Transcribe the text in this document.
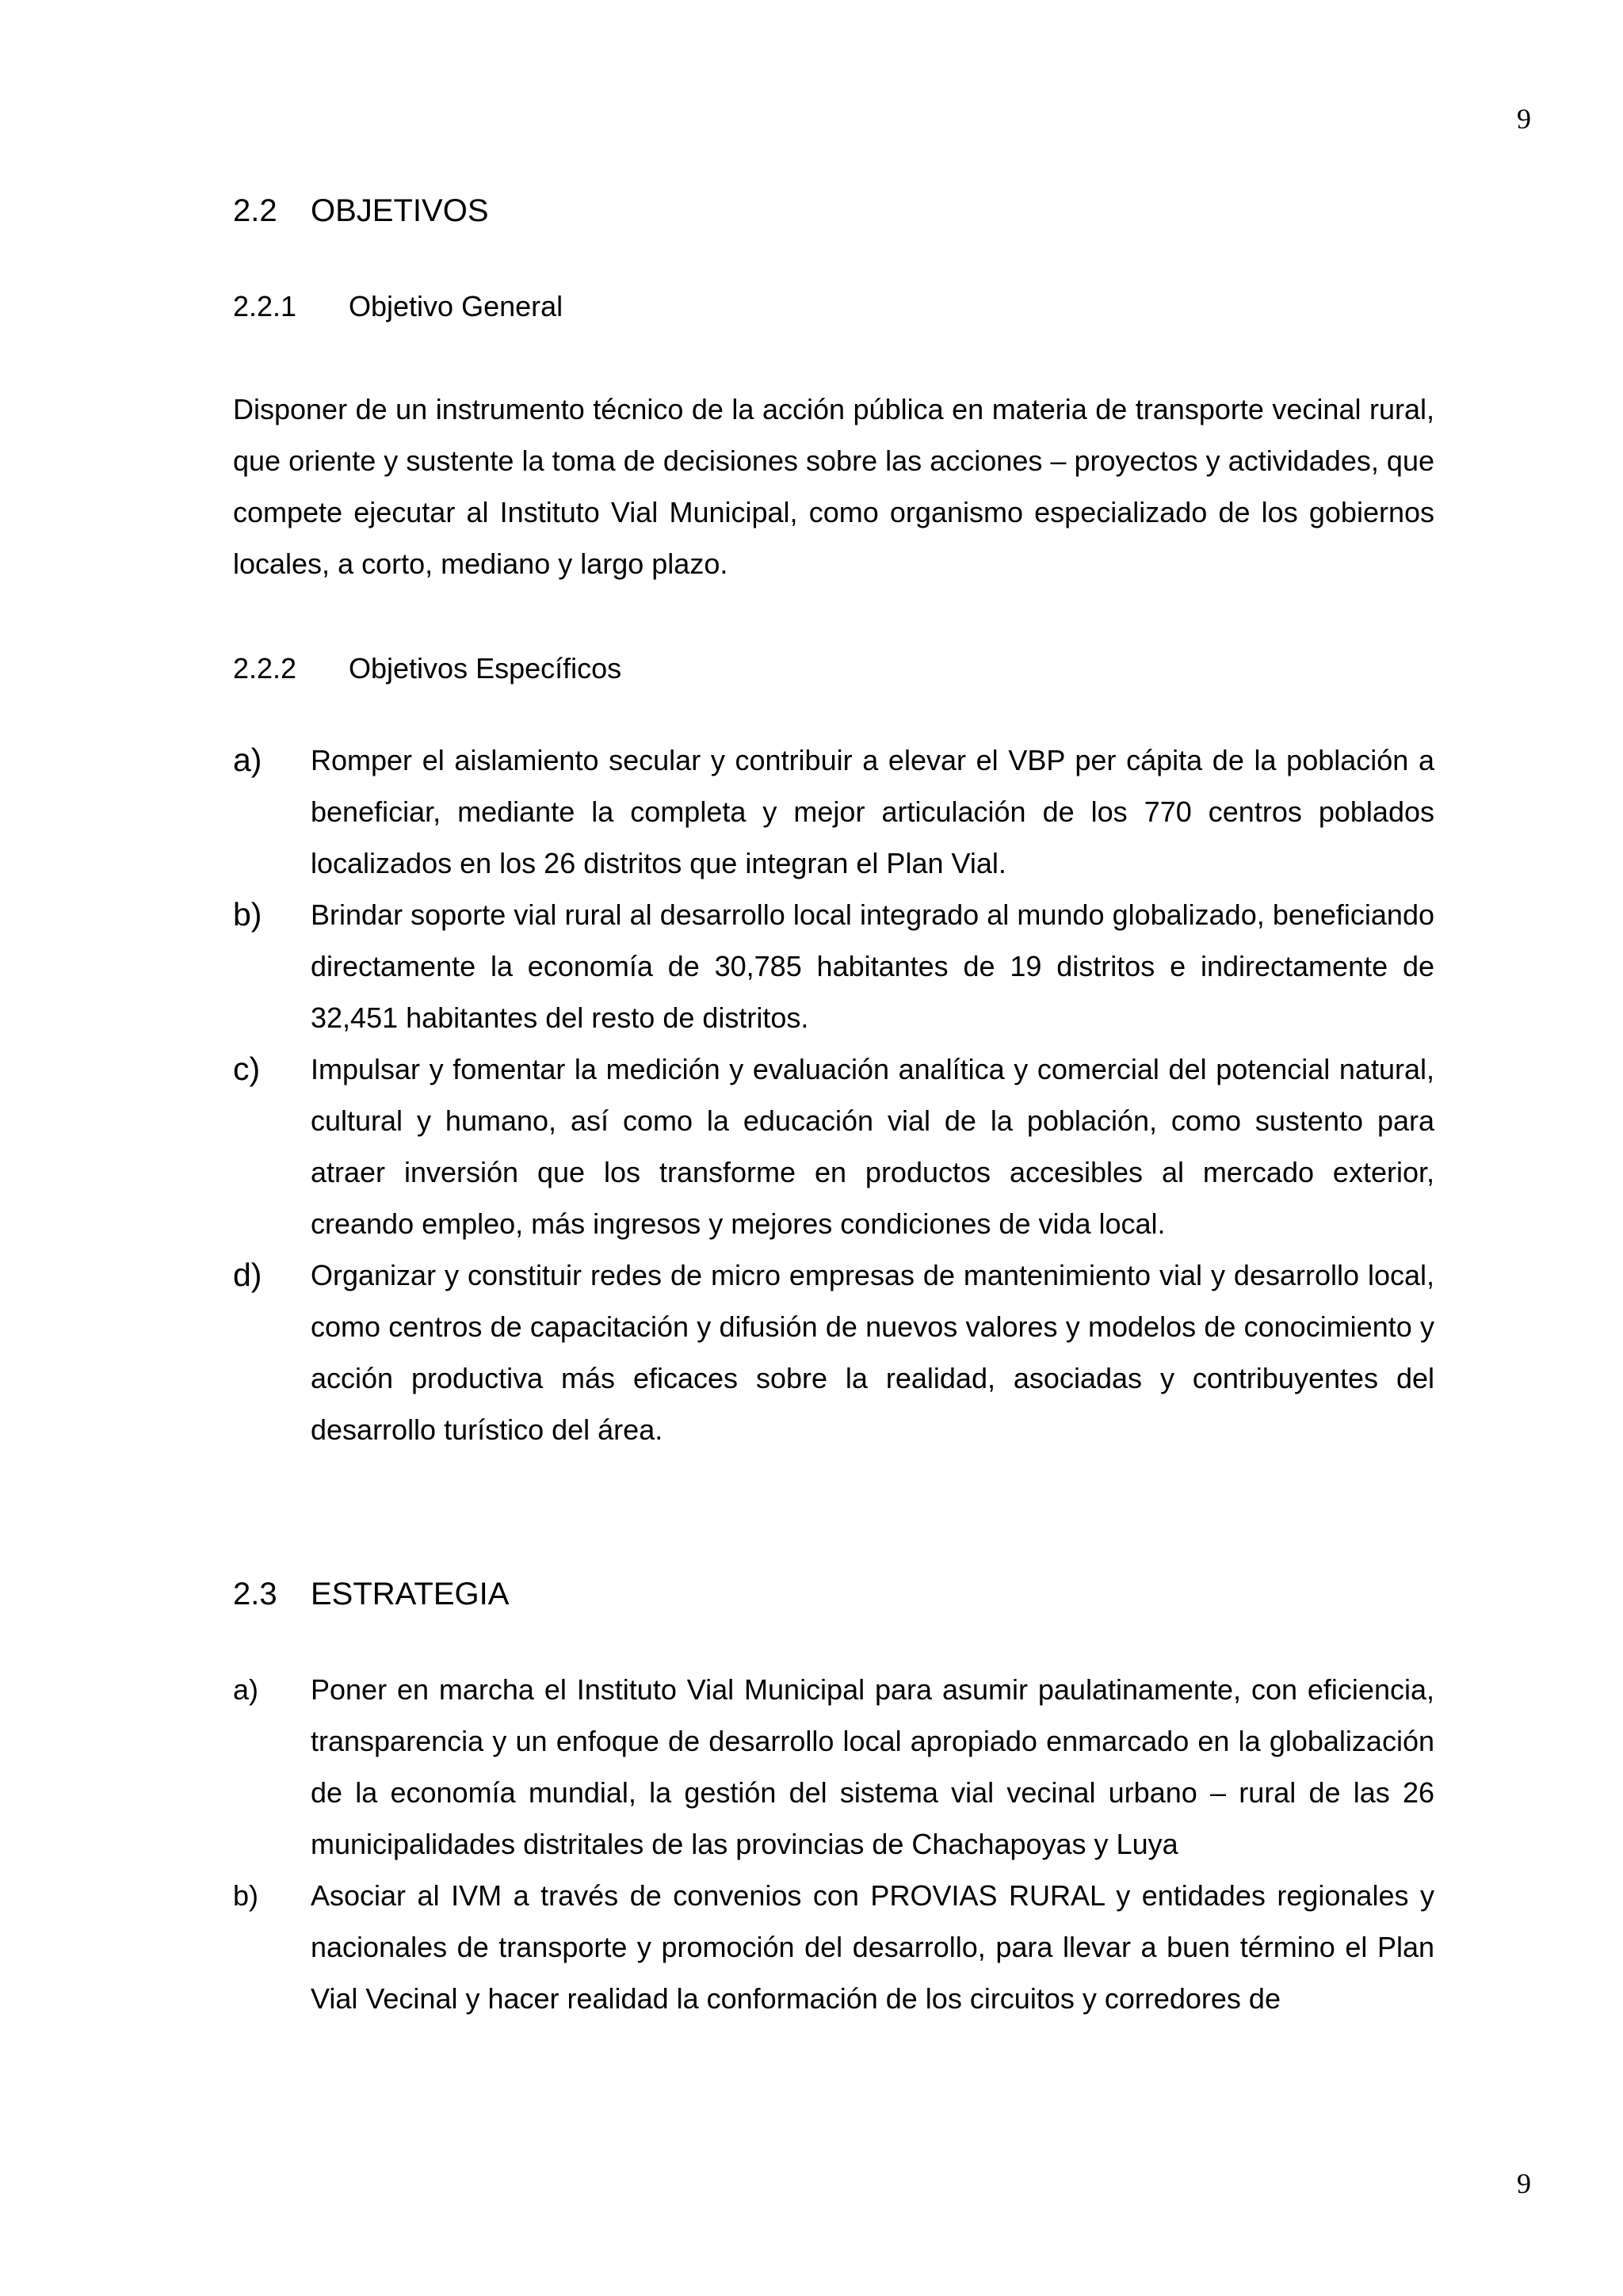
9
2.2 OBJETIVOS
2.2.1 Objetivo General
Disponer de un instrumento técnico de la acción pública en materia de transporte vecinal rural, que oriente y sustente la toma de decisiones sobre las acciones – proyectos y actividades, que compete ejecutar al Instituto Vial Municipal, como organismo especializado de los gobiernos locales, a corto, mediano y largo plazo.
2.2.2 Objetivos Específicos
a) Romper el aislamiento secular y contribuir a elevar el VBP per cápita de la población a beneficiar, mediante la completa y mejor articulación de los 770 centros poblados localizados en los 26 distritos que integran el Plan Vial.
b) Brindar soporte vial rural al desarrollo local integrado al mundo globalizado, beneficiando directamente la economía de 30,785 habitantes de 19 distritos e indirectamente de 32,451 habitantes del resto de distritos.
c) Impulsar y fomentar la medición y evaluación analítica y comercial del potencial natural, cultural y humano, así como la educación vial de la población, como sustento para atraer inversión que los transforme en productos accesibles al mercado exterior, creando empleo, más ingresos y mejores condiciones de vida local.
d) Organizar y constituir redes de micro empresas de mantenimiento vial y desarrollo local, como centros de capacitación y difusión de nuevos valores y modelos de conocimiento y acción productiva más eficaces sobre la realidad, asociadas y contribuyentes del desarrollo turístico del área.
2.3 ESTRATEGIA
a) Poner en marcha el Instituto Vial Municipal para asumir paulatinamente, con eficiencia, transparencia y un enfoque de desarrollo local apropiado enmarcado en la globalización de la economía mundial, la gestión del sistema vial vecinal urbano – rural de las 26 municipalidades distritales de las provincias de Chachapoyas y Luya
b) Asociar al IVM a través de convenios con PROVIAS RURAL y entidades regionales y nacionales de transporte y promoción del desarrollo, para llevar a buen término el Plan Vial Vecinal y hacer realidad la conformación de los circuitos y corredores de
9
